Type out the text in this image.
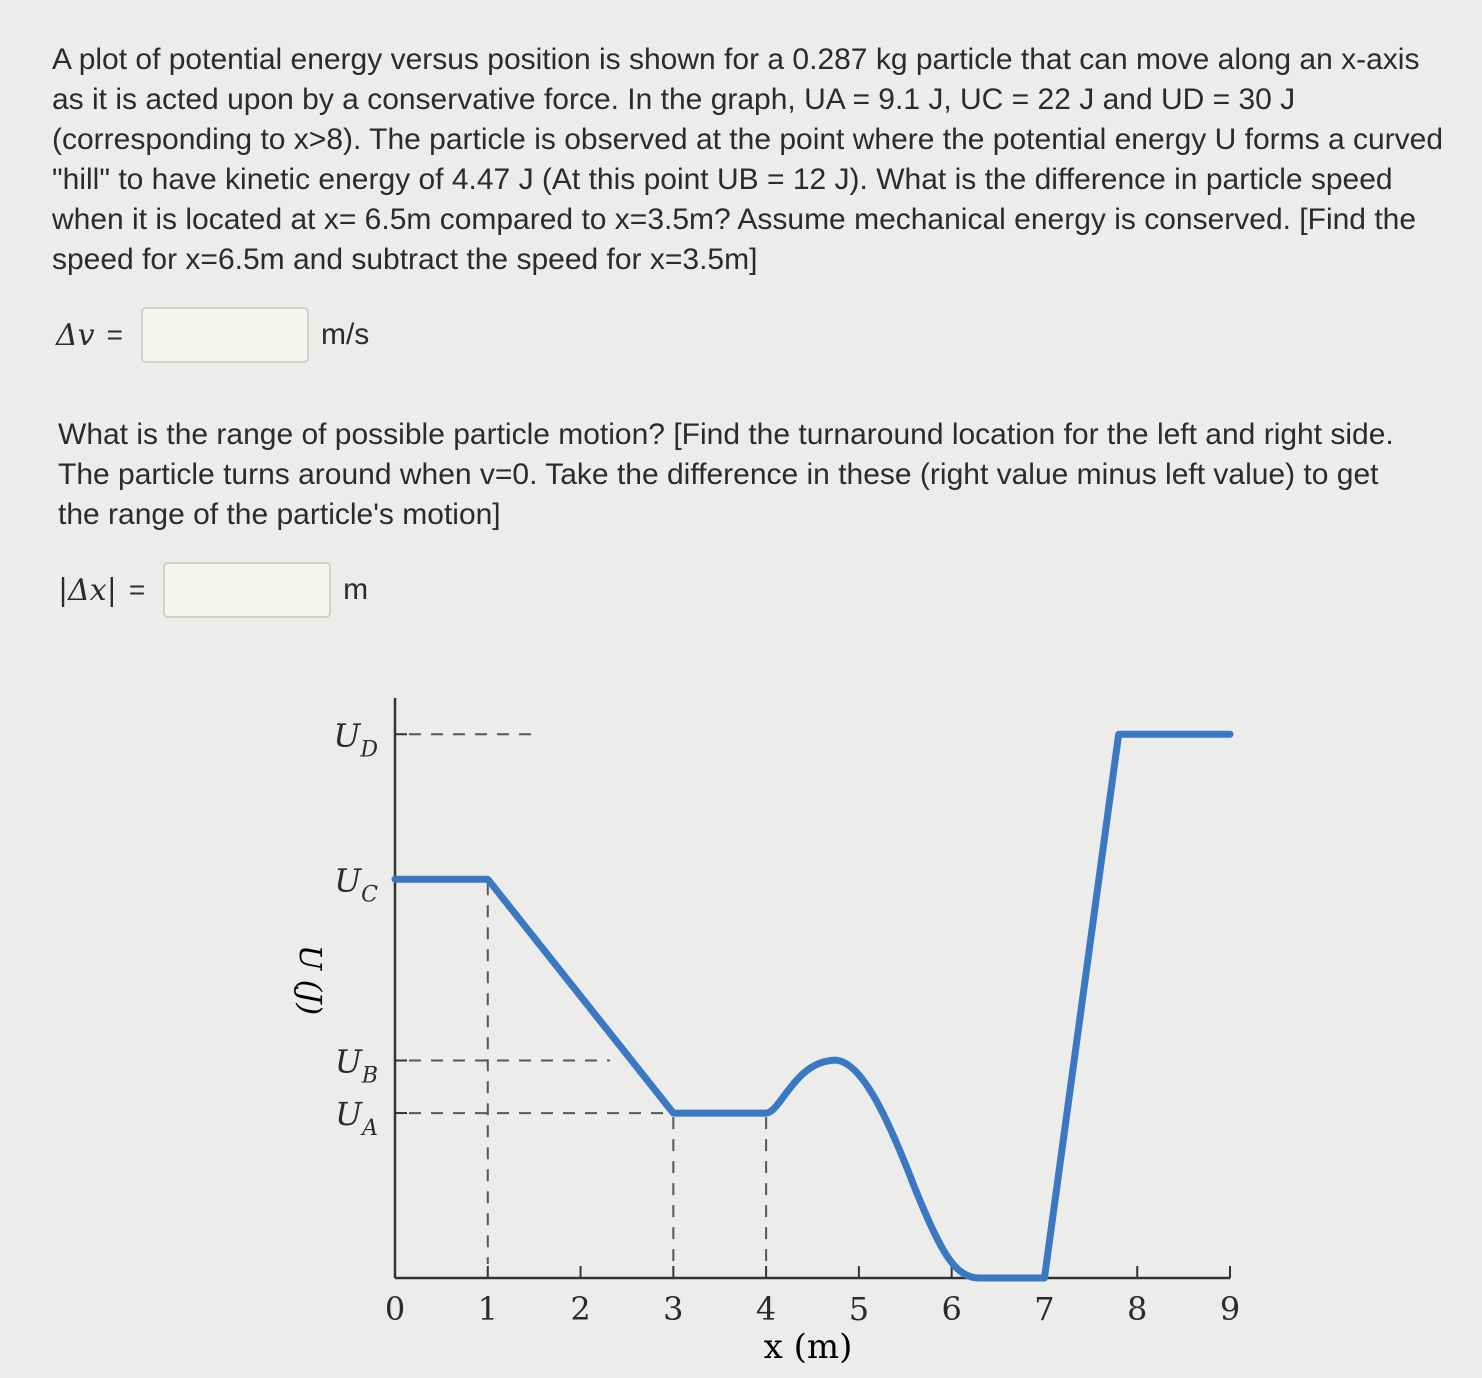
A plot of potential energy versus position is shown for a 0.287 kg particle that can move along an x-axis as it is acted upon by a conservative force. In the graph, UA = 9.1 J, UC = 22 J and UD = 30 J (corresponding to x>8). The particle is observed at the point where the potential energy U forms a curved "hill" to have kinetic energy of 4.47 J (At this point UB = 12 J). What is the difference in particle speed when it is located at x= 6.5m compared to x=3.5m? Assume mechanical energy is conserved. [Find the speed for x=6.5m and subtract the speed for x=3.5m]

Δv =	m/s

What is the range of possible particle motion? [Find the turnaround location for the left and right side. The particle turns around when v=0. Take the difference in these (right value minus left value) to get the range of the particle's motion]

|Δx| =	m
0 1 2 3 4 5 6 7 8 9
$U_D$
$U_C$
$U_B$
$U_A$
x (m)
U (J)
